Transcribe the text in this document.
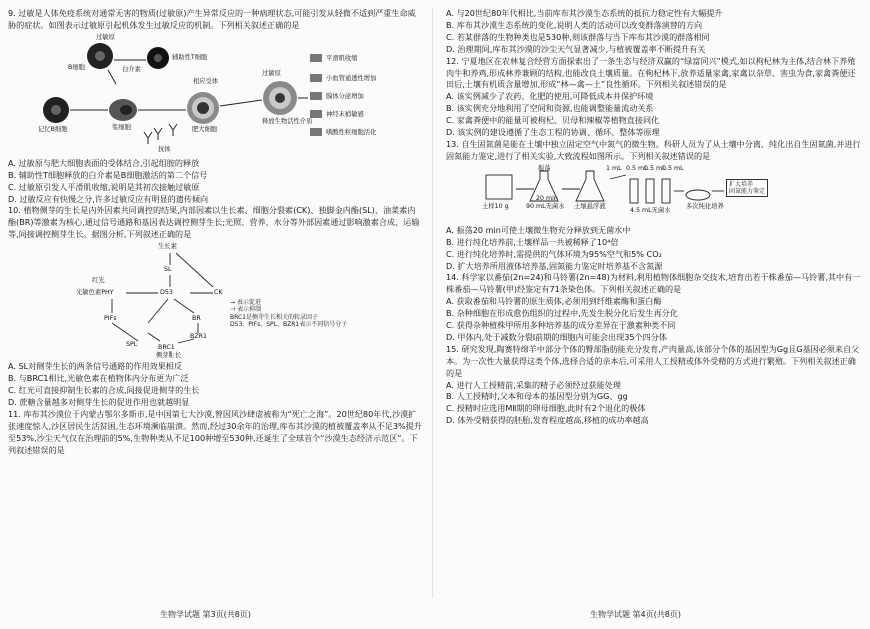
9. 过敏是人体免疫系统对通常无害的物质(过敏原)产生异常反应的一种病理状态,可能引发从轻微不适到严重生命威胁的症状。如图表示过敏原引起机体发生过敏反应的机制。下列相关叙述正确的是
过敏原
辅助性T细胞
B细胞	白介素
相应受体
过敏原
平滑肌收缩
小血管通透性增加
腺体分泌增加
神经末梢敏感
嗜酸性粒细胞活化
记忆B细胞	浆细胞	肥大细胞
释放生物活性介质
抗体
A. 过敏原与肥大细胞表面的受体结合,引起组胺的释放
B. 辅助性T细胞释放的白介素是B细胞激活的第二个信号
C. 过敏原引发人平滑肌收缩,说明是其初次接触过敏原
D. 过敏反应有快慢之分,许多过敏反应有明显的遗传倾向
10. 植物侧芽的生长是内外因素共同调控的结果,内部因素以生长素、细胞分裂素(CK)、独脚金内酯(SL)、油菜素内酯(BR)等激素为核心,通过信号通路和基因表达调控侧芽生长;光照、营养、水分等外部因素通过影响激素合成、运输等,间接调控侧芽生长。据图分析,下列叙述正确的是
生长素
SL
红光
光敏色素PHY	D53	CK
BR
PIFs
BZR1
SPL	BRC1
侧芽生长
→ 表示促进
⊣ 表示抑制
BRC1是侧芽生长相关的转录因子
D53、PIFs、SPL、BZR1表示不同信号分子
A. SL对侧芽生长的两条信号通路的作用效果相反
B. 与BRC1相比,光敏色素在植物体内分布更为广泛
C. 红光可直接抑制生长素的合成,间接促进侧芽的生长
D. 蔗糖含量越多对侧芽生长的促进作用也就越明显
11. 库布其沙漠位于内蒙古鄂尔多斯市,是中国第七大沙漠,曾因风沙肆虐被称为“死亡之海”。20世纪80年代,沙漠扩张速度惊人,沙区居民生活贫困,生态环境濒临崩溃。然而,经过30余年的治理,库布其沙漠的植被覆盖率从不足3%提升至53%,沙尘天气仅在治理前的5%,生物种类从不足100种增至530种,还诞生了全球首个“沙漠生态经济示范区”。下列叙述错误的是
A. 与20世纪80年代相比,当前库布其沙漠生态系统的抵抗力稳定性有大幅提升
B. 库布其沙漠生态系统的变化,说明人类的活动可以改变群落演替的方向
C. 若某群落的生物种类也是530种,则该群落与当下库布其沙漠的群落相同
D. 治理期间,库布其沙漠的沙尘天气显著减少,与植被覆盖率不断提升有关
12. 宁夏地区在农林复合经营方面探索出了一条生态与经济双赢的“绿富同兴”模式,如以枸杞林为主体,结合林下养殖肉牛和养鸡,形成林养兼顾的结构,也能改良土壤质量。在枸杞林下,放养适量家禽,家禽以杂草、害虫为食,家禽粪便还田后,土壤有机质含量增加,形成“林—禽—土”良性循环。下列相关叙述错误的是
A. 该实例减少了农药、化肥的使用,可降低成本并保护环境
B. 该实例充分地利用了空间和资源,也能调整能量流动关系
C. 家禽粪便中的能量可被枸杞、贝母和辣椒等植物直接同化
D. 该实例的建设遵循了生态工程的协调、循环、整体等原理
13. 自生固氮菌是能在土壤中独立固定空气中氮气的微生物。科研人员为了从土壤中分离、纯化出自生固氮菌,并进行固氮能力鉴定,进行了相关实验,大致流程如图所示。下列相关叙述错误的是
振荡
20 min
1 mL 0.5 mL
0.5 mL
0.5 mL
扩大培养
固氮能力鉴定
土样10 g	90 mL无菌水 土壤悬浮液
4.5 mL无菌水
多次纯化培养
A. 振荡20 min可使土壤微生物充分释放到无菌水中
B. 进行纯化培养前,土壤样品一共被稀释了10⁴倍
C. 进行纯化培养时,需提供的气体环境为95%空气和5% CO₂
D. 扩大培养所用液体培养基,固氮能力鉴定时培养基不含氮源
14. 科学家以番茄(2n=24)和马铃薯(2n=48)为材料,利用植物体细胞杂交技术,培育出若干株番茄—马铃薯,其中有一株番茄—马铃薯(甲)经鉴定有71条染色体。下列相关叙述正确的是
A. 获取番茄和马铃薯的原生质体,必须用到纤维素酶和蛋白酶
B. 杂种细胞在形成愈伤组织的过程中,先发生脱分化后发生再分化
C. 获得杂种植株甲所用多种培养基的成分差异在于激素种类不同
D. 甲体内,处于减数分裂Ⅰ前期的细胞内可能会出现35个四分体
15. 研究发现,陶赛特绵羊中部分个体的臀部脂肪能充分发育,产肉量高,该部分个体的基因型为Gg且G基因必须来自父本。为一次性大量获得这类个体,选择合适的亲本后,可采用人工授精或体外受精的方式进行繁殖。下列相关叙述正确的是
A. 进行人工授精前,采集的精子必须经过获能处理
B. 人工授精时,父本和母本的基因型分别为GG、gg
C. 授精时应选用MⅡ期的卵母细胞,此时有2个退化的极体
D. 体外受精获得的胚胎,发育程度越高,移植的成功率越高
生物学试题 第3页(共8页)	生物学试题 第4页(共8页)
